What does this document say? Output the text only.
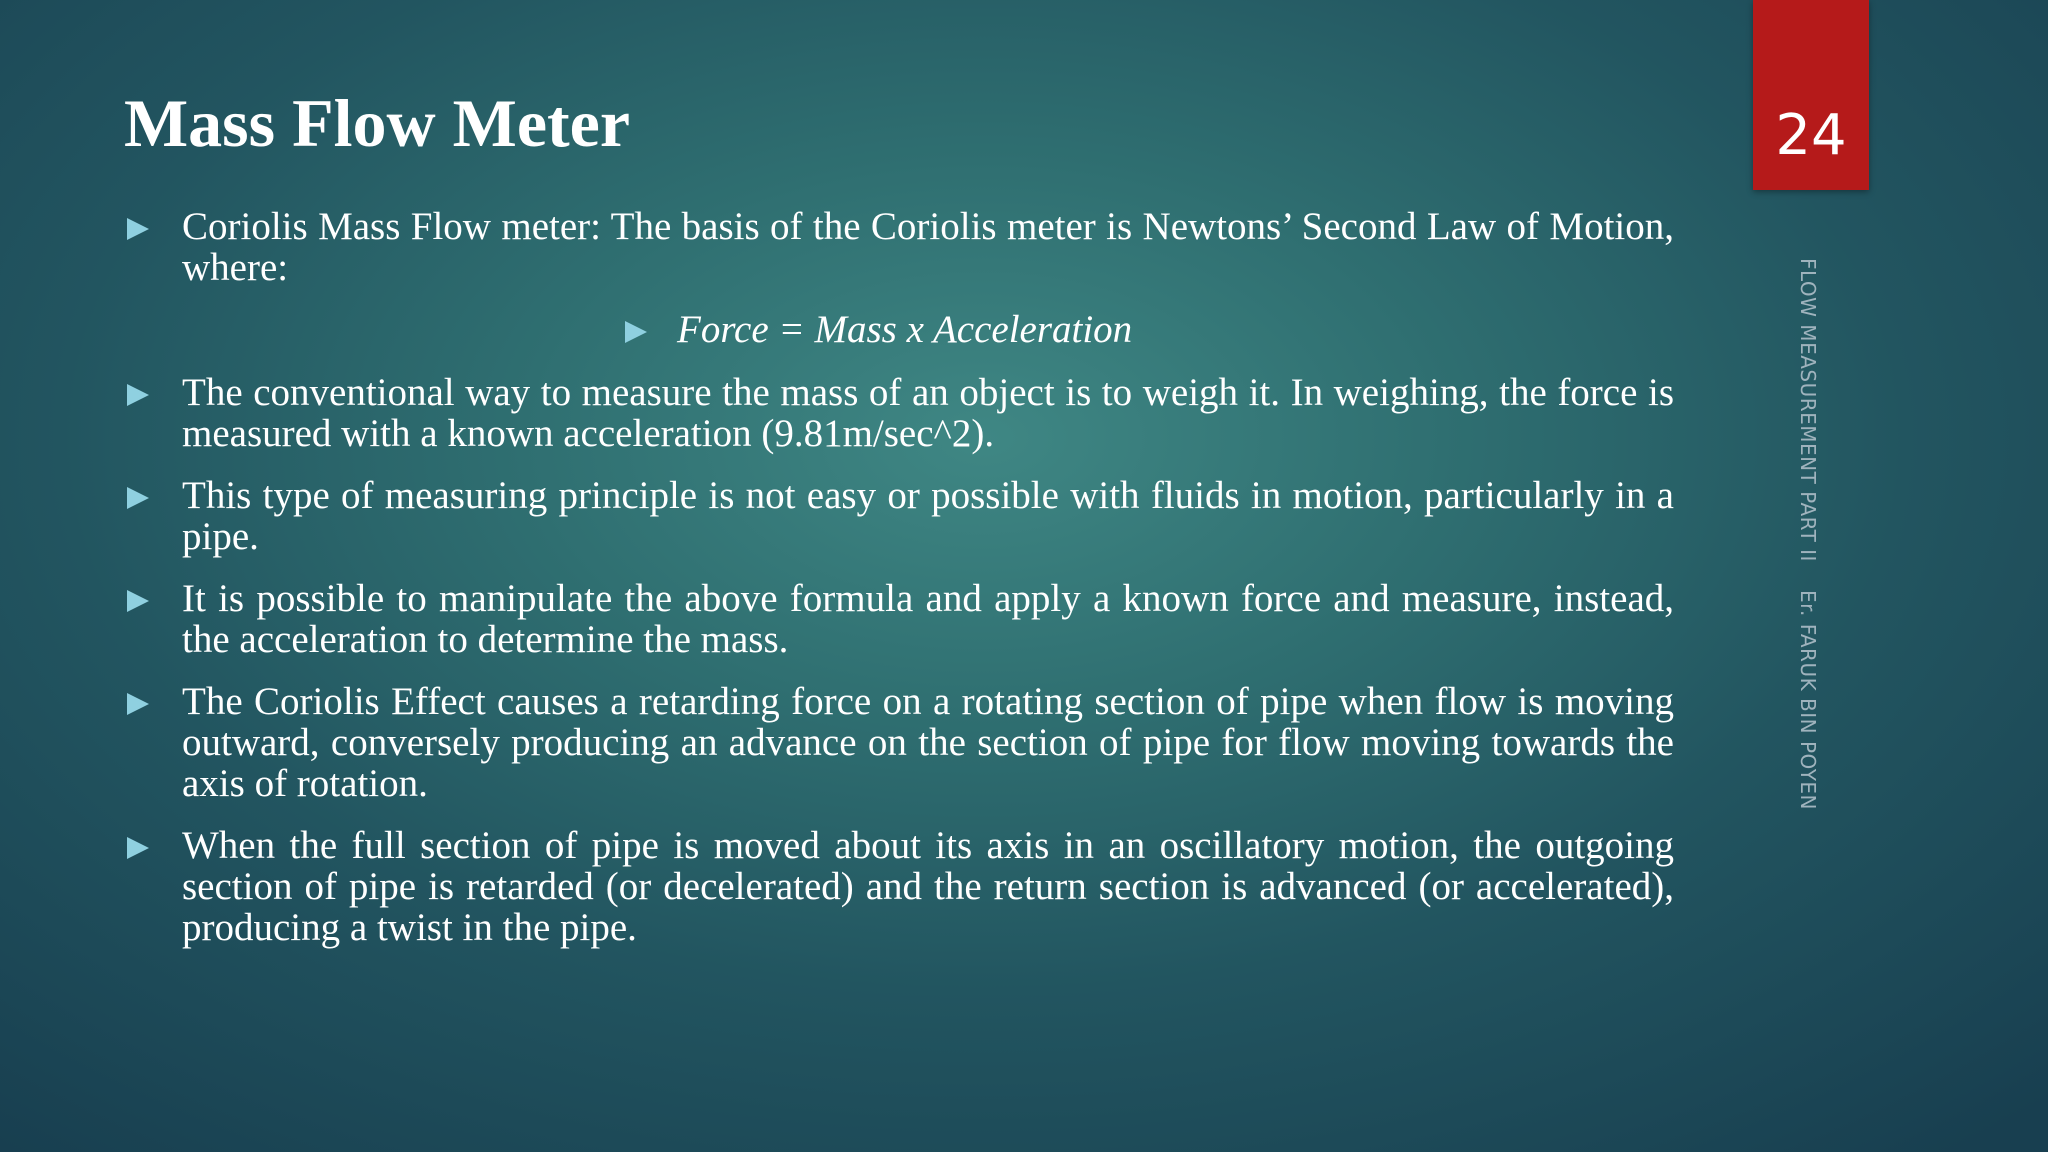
Mass Flow Meter	24
FLOW MEASUREMENT PART IIEr. FARUK BIN POYEN
Coriolis Mass Flow meter: The basis of the Coriolis meter is Newtons’ Second Law of Motion, where:
Force = Mass x Acceleration
The conventional way to measure the mass of an object is to weigh it. In weighing, the force is measured with a known acceleration (9.81m/sec^2).
This type of measuring principle is not easy or possible with fluids in motion, particularly in a pipe.
It is possible to manipulate the above formula and apply a known force and measure, instead, the acceleration to determine the mass.
The Coriolis Effect causes a retarding force on a rotating section of pipe when flow is moving outward, conversely producing an advance on the section of pipe for flow moving towards the axis of rotation.
When the full section of pipe is moved about its axis in an oscillatory motion, the outgoing section of pipe is retarded (or decelerated) and the return section is advanced (or accelerated), producing a twist in the pipe.
